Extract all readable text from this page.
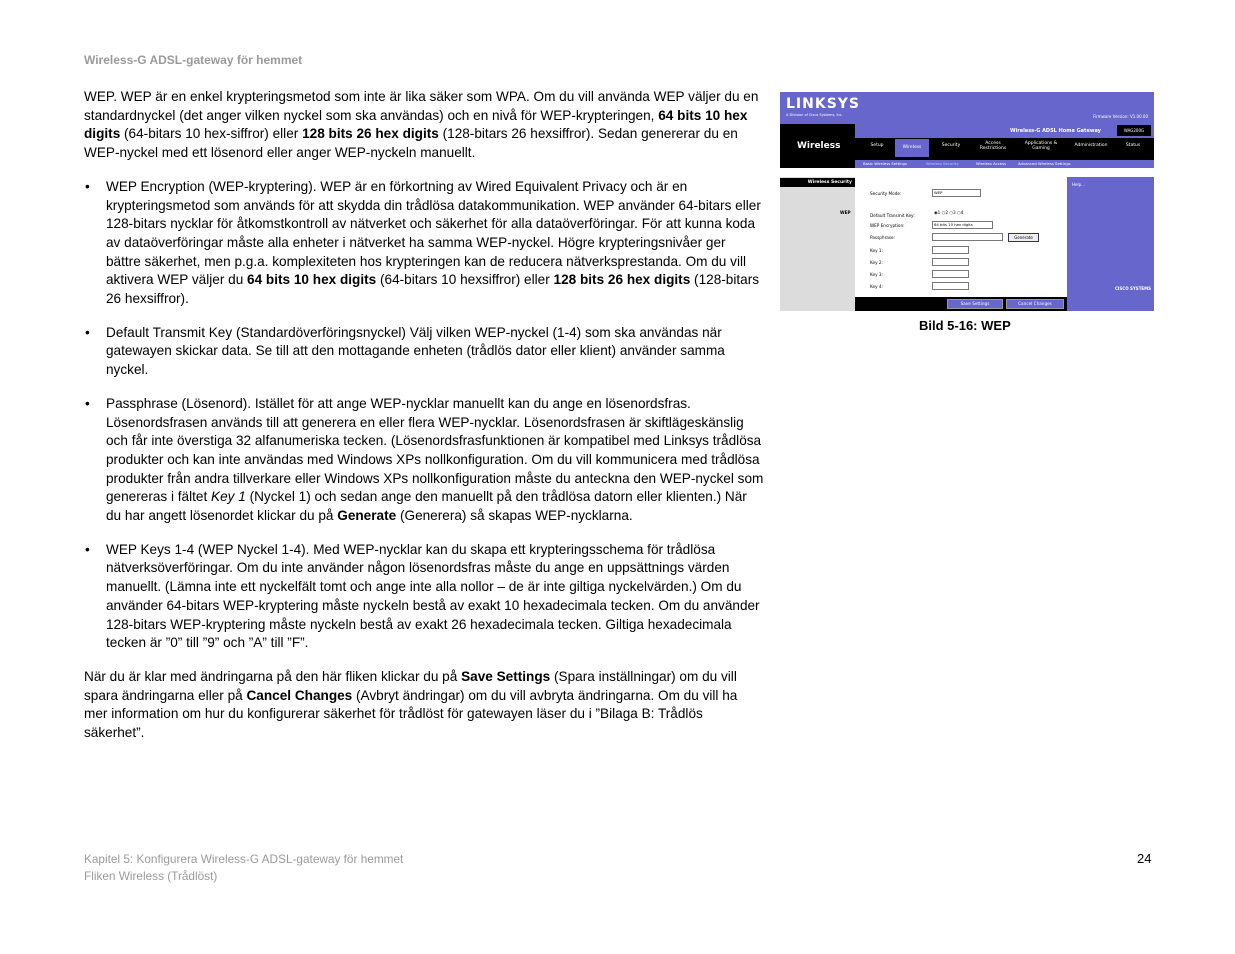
Wireless-G ADSL-gateway för hemmet

WEP. WEP är en enkel krypteringsmetod som inte är lika säker som WPA. Om du vill använda WEP väljer du en standardnyckel (det anger vilken nyckel som ska användas) och en nivå för WEP-krypteringen, 64 bits 10 hex digits (64-bitars 10 hex-siffror) eller 128 bits 26 hex digits (128-bitars 26 hexsiffror). Sedan genererar du en WEP-nyckel med ett lösenord eller anger WEP-nyckeln manuellt.

• WEP Encryption (WEP-kryptering). WEP är en förkortning av Wired Equivalent Privacy och är en krypteringsmetod som används för att skydda din trådlösa datakommunikation. WEP använder 64-bitars eller 128-bitars nycklar för åtkomstkontroll av nätverket och säkerhet för alla dataöverföringar. För att kunna koda av dataöverföringar måste alla enheter i nätverket ha samma WEP-nyckel. Högre krypteringsnivåer ger bättre säkerhet, men p.g.a. komplexiteten hos krypteringen kan de reducera nätverksprestanda. Om du vill aktivera WEP väljer du 64 bits 10 hex digits (64-bitars 10 hexsiffror) eller 128 bits 26 hex digits (128-bitars 26 hexsiffror).
• Default Transmit Key (Standardöverföringsnyckel) Välj vilken WEP-nyckel (1-4) som ska användas när gatewayen skickar data. Se till att den mottagande enheten (trådlös dator eller klient) använder samma nyckel.
• Passphrase (Lösenord). Istället för att ange WEP-nycklar manuellt kan du ange en lösenordsfras. Lösenordsfrasen används till att generera en eller flera WEP-nycklar. Lösenordsfrasen är skiftlägeskänslig och får inte överstiga 32 alfanumeriska tecken. (Lösenordsfrasfunktionen är kompatibel med Linksys trådlösa produkter och kan inte användas med Windows XPs nollkonfiguration. Om du vill kommunicera med trådlösa produkter från andra tillverkare eller Windows XPs nollkonfiguration måste du anteckna den WEP-nyckel som genereras i fältet Key 1 (Nyckel 1) och sedan ange den manuellt på den trådlösa datorn eller klienten.) När du har angett lösenordet klickar du på Generate (Generera) så skapas WEP-nycklarna.
• WEP Keys 1-4 (WEP Nyckel 1-4). Med WEP-nycklar kan du skapa ett krypteringsschema för trådlösa nätverksöverföringar. Om du inte använder någon lösenordsfras måste du ange en uppsättnings värden manuellt. (Lämna inte ett nyckelfält tomt och ange inte alla nollor – de är inte giltiga nyckelvärden.) Om du använder 64-bitars WEP-kryptering måste nyckeln bestå av exakt 10 hexadecimala tecken. Om du använder 128-bitars WEP-kryptering måste nyckeln bestå av exakt 26 hexadecimala tecken. Giltiga hexadecimala tecken är ”0” till ”9” och ”A” till ”F”.

När du är klar med ändringarna på den här fliken klickar du på Save Settings (Spara inställningar) om du vill spara ändringarna eller på Cancel Changes (Avbryt ändringar) om du vill avbryta ändringarna. Om du vill ha mer information om hur du konfigurerar säkerhet för trådlöst för gatewayen läser du i ”Bilaga B: Trådlös säkerhet”.

LINKSYS
A Division of Cisco Systems, Inc.	Firmware Version: V1.00.00
Wireless
Wireless-G ADSL Home Gateway	WAG200G
Setup	Wireless	Security	Access Restrictions
Applications & Gaming
Administration	Status
Basic Wireless Settings	Wireless Security	Wireless Access	Advanced Wireless Settings
Wireless Security
WEP
Security Mode:	WEP
Default Transmit Key:
◉1 ○2 ○3 ○4
WEP Encryption:	64 bits 10 hex digits
Passphrase:	Generate
Key 1:
Key 2:
Key 3:
Key 4:
Help...
CISCO SYSTEMS
Save Settings	Cancel Changes
Bild 5-16: WEP
Kapitel 5: Konfigurera Wireless-G ADSL-gateway för hemmet
Fliken Wireless (Trådlöst)
24
